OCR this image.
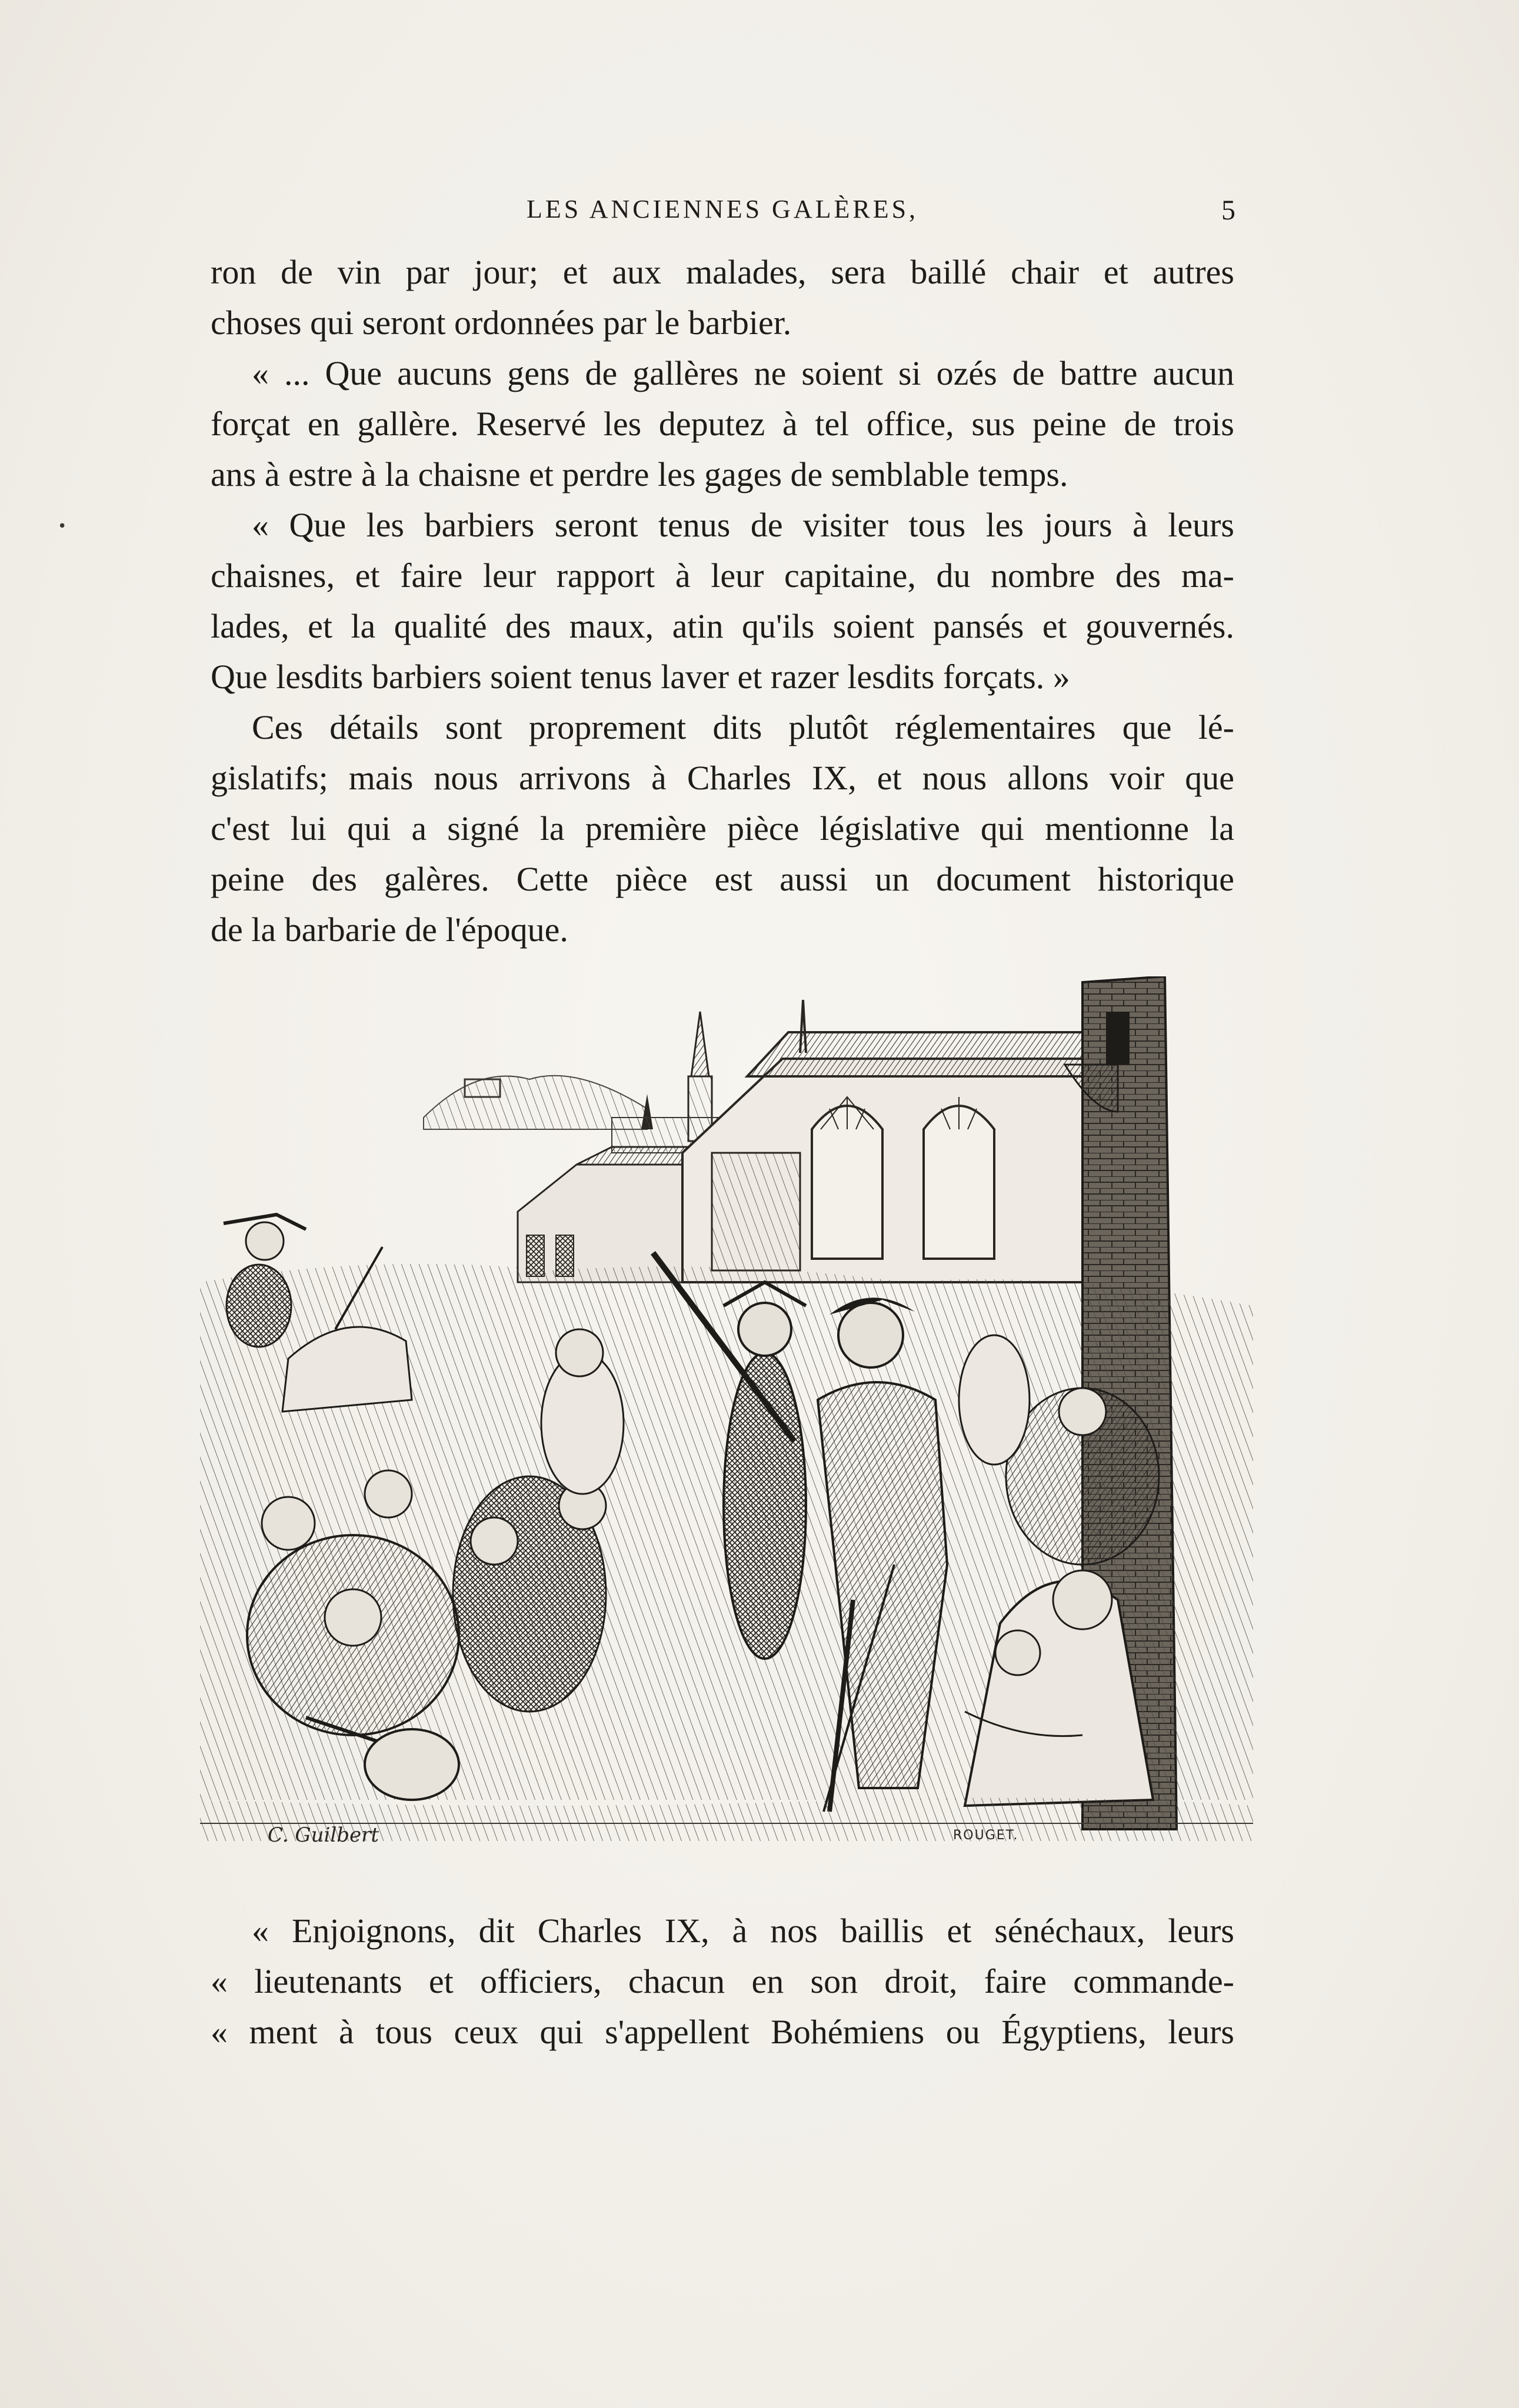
•
LES ANCIENNES GALÈRES,	5
ron de vin par jour; et aux malades, sera baillé chair et autres
choses qui seront ordonnées par le barbier.
« ... Que aucuns gens de gallères ne soient si ozés de battre aucun
forçat en gallère. Reservé les deputez à tel office, sus peine de trois
ans à estre à la chaisne et perdre les gages de semblable temps.
« Que les barbiers seront tenus de visiter tous les jours à leurs
chaisnes, et faire leur rapport à leur capitaine, du nombre des ma-
lades, et la qualité des maux, atin qu'ils soient pansés et gouvernés.
Que lesdits barbiers soient tenus laver et razer lesdits forçats. »
Ces détails sont proprement dits plutôt réglementaires que lé-
gislatifs; mais nous arrivons à Charles IX, et nous allons voir que
c'est lui qui a signé la première pièce législative qui mentionne la
peine des galères. Cette pièce est aussi un document historique
de la barbarie de l'époque.
C. Guilbert	ROUGET.
« Enjoignons, dit Charles IX, à nos baillis et sénéchaux, leurs
« lieutenants et officiers, chacun en son droit, faire commande-
« ment à tous ceux qui s'appellent Bohémiens ou Égyptiens, leurs
